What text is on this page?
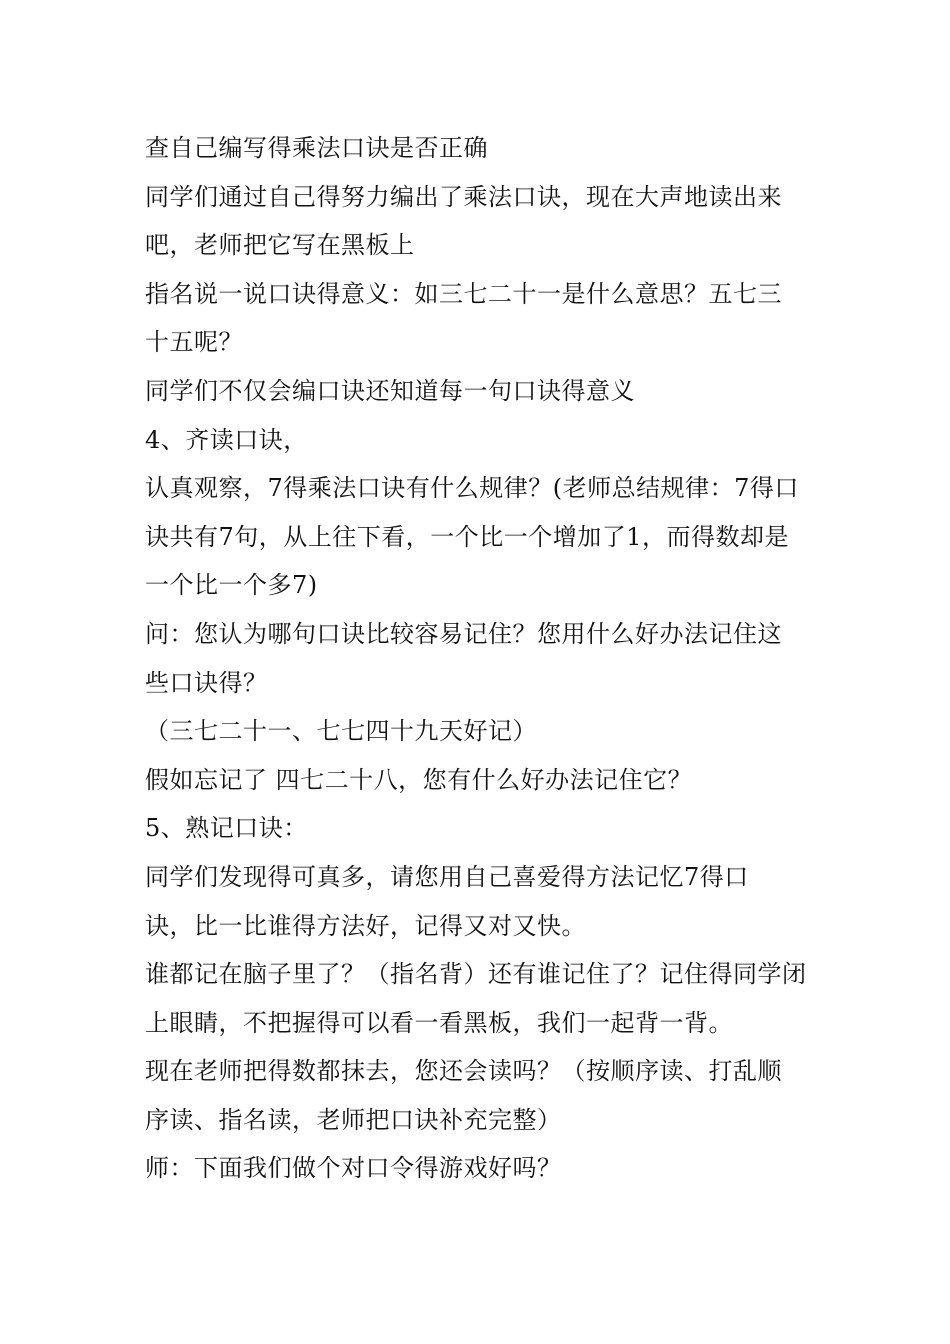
查自己编写得乘法口诀是否正确
同学们通过自己得努力编出了乘法口诀，现在大声地读出来
吧，老师把它写在黑板上
指名说一说口诀得意义：如三七二十一是什么意思？五七三
十五呢？
同学们不仅会编口诀还知道每一句口诀得意义
4、齐读口诀，
认真观察，7得乘法口诀有什么规律？(老师总结规律：7得口
诀共有7句，从上往下看，一个比一个增加了1，而得数却是
一个比一个多7)
问：您认为哪句口诀比较容易记住？您用什么好办法记住这
些口诀得？
（三七二十一、七七四十九天好记）
假如忘记了 四七二十八，您有什么好办法记住它？
5、熟记口诀：
同学们发现得可真多，请您用自己喜爱得方法记忆7得口
诀，比一比谁得方法好，记得又对又快。
谁都记在脑子里了？（指名背）还有谁记住了？记住得同学闭
上眼睛，不把握得可以看一看黑板，我们一起背一背。
现在老师把得数都抹去，您还会读吗？（按顺序读、打乱顺
序读、指名读，老师把口诀补充完整）
师：下面我们做个对口令得游戏好吗？
